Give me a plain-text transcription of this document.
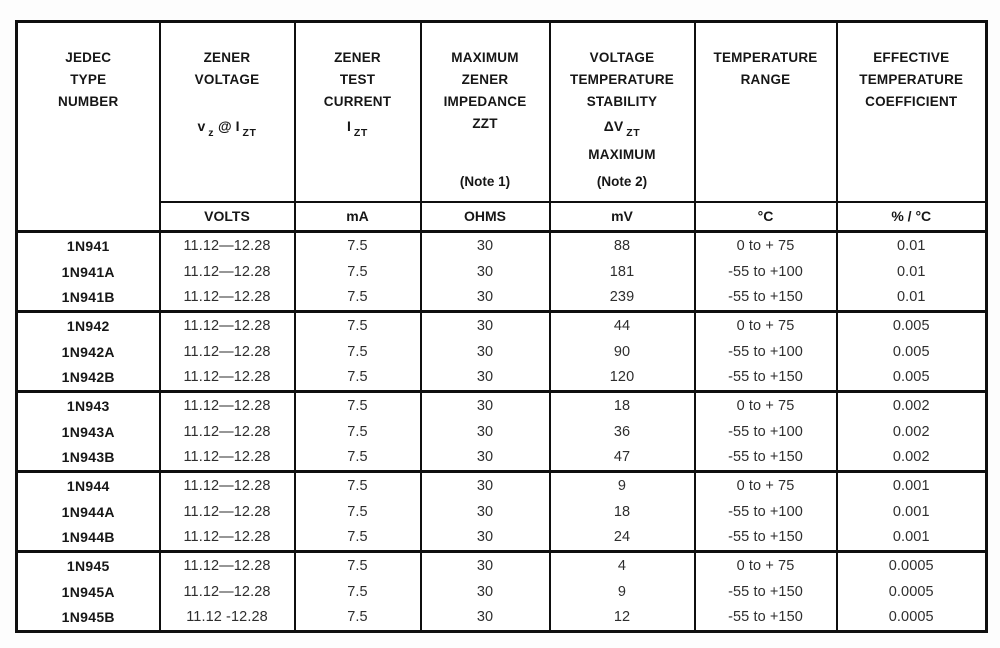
JEDEC
TYPE
NUMBER

ZENER
VOLTAGE
v $_z$ @ I $_{ZT}$

ZENER
TEST
CURRENT
I $_{ZT}$

MAXIMUM
ZENER
IMPEDANCE
ZZT
(Note 1)

VOLTAGE
TEMPERATURE
STABILITY
ΔV $_{ZT}$
MAXIMUM
(Note 2)

TEMPERATURE
RANGE

EFFECTIVE
TEMPERATURE
COEFFICIENT

	VOLTS	mA	OHMS	mV	°C	% / °C
1N941	11.12—12.28	7.5	30	88	0 to + 75	0.01
1N941A	11.12—12.28	7.5	30	181	-55 to +100	0.01
1N941B	11.12—12.28	7.5	30	239	-55 to +150	0.01
1N942	11.12—12.28	7.5	30	44	0 to + 75	0.005
1N942A	11.12—12.28	7.5	30	90	-55 to +100	0.005
1N942B	11.12—12.28	7.5	30	120	-55 to +150	0.005
1N943	11.12—12.28	7.5	30	18	0 to + 75	0.002
1N943A	11.12—12.28	7.5	30	36	-55 to +100	0.002
1N943B	11.12—12.28	7.5	30	47	-55 to +150	0.002
1N944	11.12—12.28	7.5	30	9	0 to + 75	0.001
1N944A	11.12—12.28	7.5	30	18	-55 to +100	0.001
1N944B	11.12—12.28	7.5	30	24	-55 to +150	0.001
1N945	11.12—12.28	7.5	30	4	0 to + 75	0.0005
1N945A	11.12—12.28	7.5	30	9	-55 to +150	0.0005
1N945B	11.12 -12.28	7.5	30	12	-55 to +150	0.0005
